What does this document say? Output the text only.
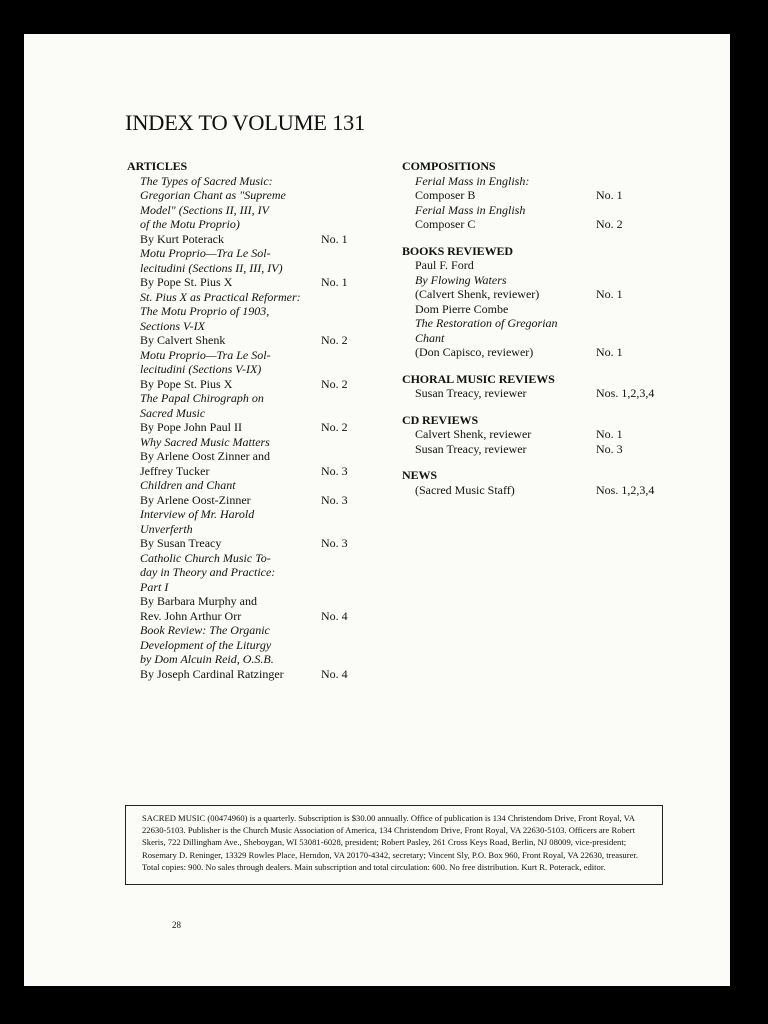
INDEX TO VOLUME 131
ARTICLES
The Types of Sacred Music:
Gregorian Chant as "Supreme
Model" (Sections II, III, IV
of the Motu Proprio)
By Kurt Poterack	No. 1
Motu Proprio—Tra Le Sol-
lecitudini (Sections II, III, IV)
By Pope St. Pius X	No. 1
St. Pius X as Practical Reformer:
The Motu Proprio of 1903,
Sections V-IX
By Calvert Shenk	No. 2
Motu Proprio—Tra Le Sol-
lecitudini (Sections V-IX)
By Pope St. Pius X	No. 2
The Papal Chirograph on
Sacred Music
By Pope John Paul II	No. 2
Why Sacred Music Matters
By Arlene Oost Zinner and
Jeffrey Tucker	No. 3
Children and Chant
By Arlene Oost-Zinner	No. 3
Interview of Mr. Harold
Unverferth
By Susan Treacy	No. 3
Catholic Church Music To-
day in Theory and Practice:
Part I
By Barbara Murphy and
Rev. John Arthur Orr	No. 4
Book Review: The Organic
Development of the Liturgy
by Dom Alcuin Reid, O.S.B.
By Joseph Cardinal Ratzinger	No. 4
COMPOSITIONS
Ferial Mass in English:
Composer B	No. 1
Ferial Mass in English
Composer C	No. 2
BOOKS REVIEWED
Paul F. Ford
By Flowing Waters
(Calvert Shenk, reviewer)	No. 1
Dom Pierre Combe
The Restoration of Gregorian
Chant
(Don Capisco, reviewer)	No. 1
CHORAL MUSIC REVIEWS
Susan Treacy, reviewer	Nos. 1,2,3,4
CD REVIEWS
Calvert Shenk, reviewer	No. 1
Susan Treacy, reviewer	No. 3
NEWS
(Sacred Music Staff)	Nos. 1,2,3,4
SACRED MUSIC (00474960) is a quarterly. Subscription is $30.00 annually. Office of publication is 134 Christendom Drive, Front Royal, VA 22630-5103. Publisher is the Church Music Association of America, 134 Christendom Drive, Front Royal, VA 22630-5103. Officers are Robert Skeris, 722 Dillingham Ave., Sheboygan, WI 53081-6028, president; Robert Pasley, 261 Cross Keys Road, Berlin, NJ 08009, vice-president; Rosemary D. Reninger, 13329 Rowles Place, Herndon, VA 20170-4342, secretary; Vincent Sly, P.O. Box 960, Front Royal, VA 22630, treasurer. Total copies: 900. No sales through dealers. Main subscription and total circulation: 600. No free distribution. Kurt R. Poterack, editor.
28
